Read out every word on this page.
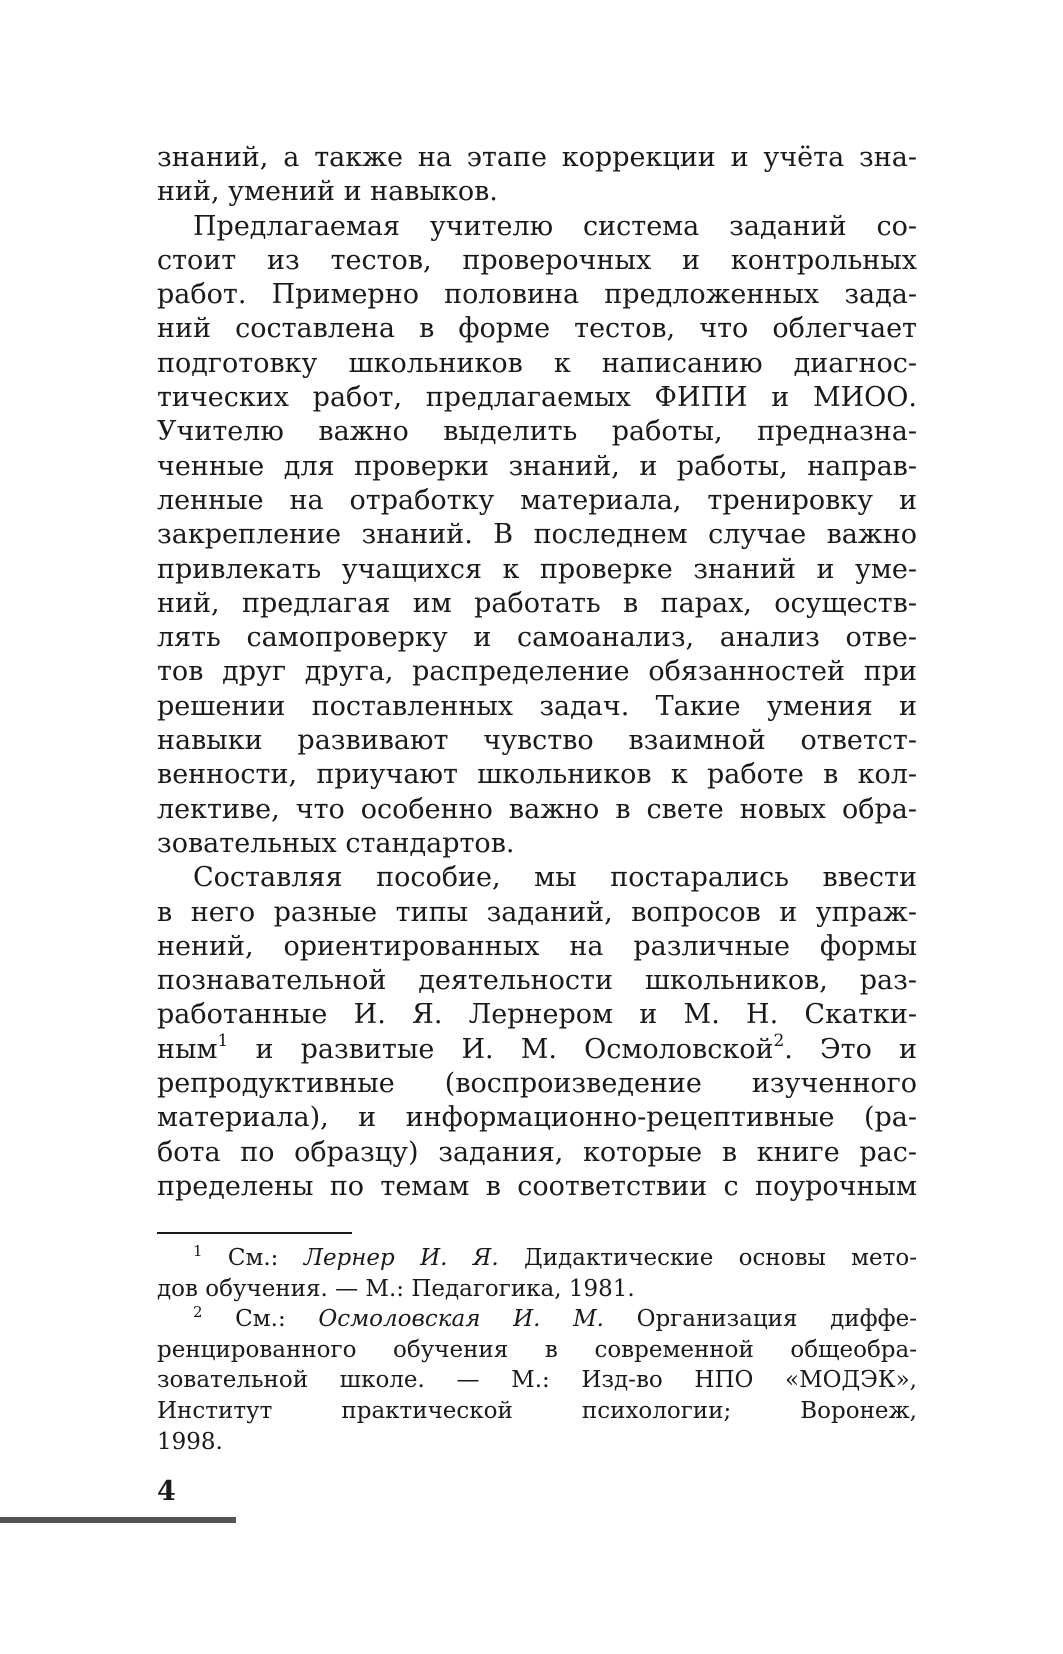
знаний, а также на этапе коррекции и учёта зна-
ний, умений и навыков.
Предлагаемая учителю система заданий со-
стоит из тестов, проверочных и контрольных
работ. Примерно половина предложенных зада-
ний составлена в форме тестов, что облегчает
подготовку школьников к написанию диагнос-
тических работ, предлагаемых ФИПИ и МИОО.
Учителю важно выделить работы, предназна-
ченные для проверки знаний, и работы, направ-
ленные на отработку материала, тренировку и
закрепление знаний. В последнем случае важно
привлекать учащихся к проверке знаний и уме-
ний, предлагая им работать в парах, осуществ-
лять самопроверку и самоанализ, анализ отве-
тов друг друга, распределение обязанностей при
решении поставленных задач. Такие умения и
навыки развивают чувство взаимной ответст-
венности, приучают школьников к работе в кол-
лективе, что особенно важно в свете новых обра-
зовательных стандартов.
Составляя пособие, мы постарались ввести
в него разные типы заданий, вопросов и упраж-
нений, ориентированных на различные формы
познавательной деятельности школьников, раз-
работанные И. Я. Лернером и М. Н. Скатки-
ным$^1$ и развитые И. М. Осмоловской$^2$. Это и
репродуктивные (воспроизведение изученного
материала), и информационно-рецептивные (ра-
бота по образцу) задания, которые в книге рас-
пределены по темам в соответствии с поурочным
$^1$ См.: Лернер И. Я. Дидактические основы мето-
дов обучения. — М.: Педагогика, 1981.
$^2$ См.: Осмоловская И. М. Организация диффе-
ренцированного обучения в современной общеобра-
зовательной школе. — М.: Изд-во НПО «МОДЭК»,
Институт практической психологии; Воронеж,
1998.
4
